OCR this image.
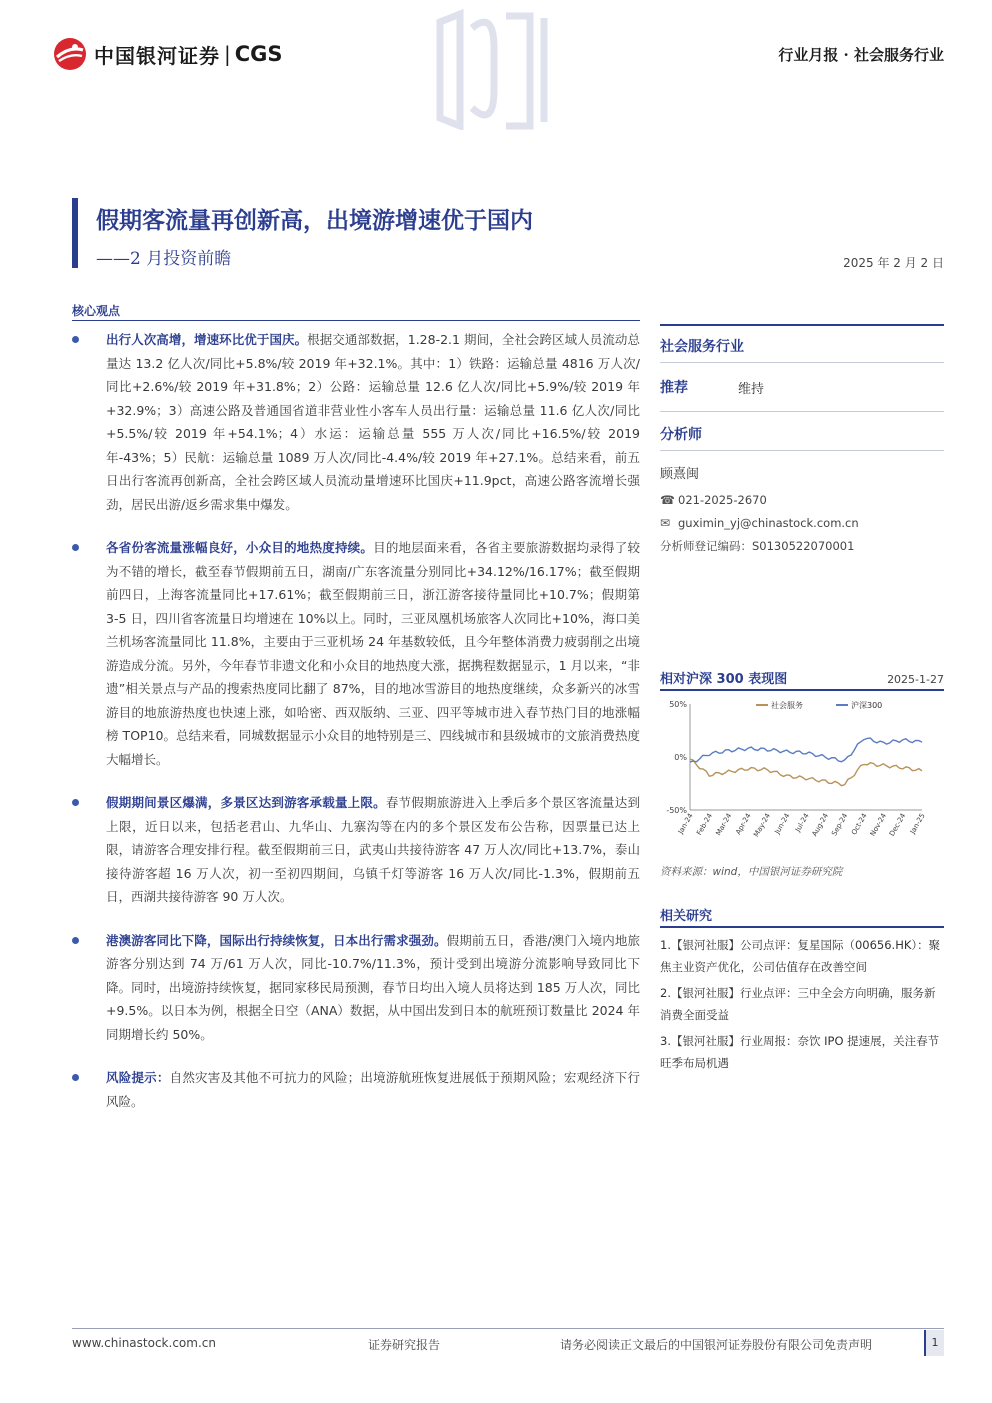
中国银河证券 | CGS	行业月报 · 社会服务行业
假期客流量再创新高，出境游增速优于国内
——2 月投资前瞻	2025 年 2 月 2 日
核心观点
出行人次高增，增速环比优于国庆。根据交通部数据，1.28-2.1 期间，全社会跨区域人员流动总量达 13.2 亿人次/同比+5.8%/较 2019 年+32.1%。其中：1）铁路：运输总量 4816 万人次/同比+2.6%/较 2019 年+31.8%；2）公路：运输总量 12.6 亿人次/同比+5.9%/较 2019 年+32.9%；3）高速公路及普通国省道非营业性小客车人员出行量：运输总量 11.6 亿人次/同比+5.5%/较 2019 年+54.1%；4）水运：运输总量 555 万人次/同比+16.5%/较 2019 年-43%；5）民航：运输总量 1089 万人次/同比-4.4%/较 2019 年+27.1%。总结来看，前五日出行客流再创新高，全社会跨区域人员流动量增速环比国庆+11.9pct，高速公路客流增长强劲，居民出游/返乡需求集中爆发。
各省份客流量涨幅良好，小众目的地热度持续。目的地层面来看，各省主要旅游数据均录得了较为不错的增长，截至春节假期前五日，湖南/广东客流量分别同比+34.12%/16.17%；截至假期前四日，上海客流量同比+17.61%；截至假期前三日，浙江游客接待量同比+10.7%；假期第 3-5 日，四川省客流量日均增速在 10%以上。同时，三亚凤凰机场旅客人次同比+10%，海口美兰机场客流量同比 11.8%，主要由于三亚机场 24 年基数较低，且今年整体消费力疲弱削之出境游造成分流。另外，今年春节非遗文化和小众目的地热度大涨，据携程数据显示，1 月以来，“非遗”相关景点与产品的搜索热度同比翻了 87%，目的地冰雪游目的地热度继续，众多新兴的冰雪游目的地旅游热度也快速上涨，如哈密、西双版纳、三亚、四平等城市进入春节热门目的地涨幅榜 TOP10。总结来看，同城数据显示小众目的地特别是三、四线城市和县级城市的文旅消费热度大幅增长。
假期期间景区爆满，多景区达到游客承载量上限。春节假期旅游进入上季后多个景区客流量达到上限，近日以来，包括老君山、九华山、九寨沟等在内的多个景区发布公告称，因票量已达上限，请游客合理安排行程。截至假期前三日，武夷山共接待游客 47 万人次/同比+13.7%，泰山接待游客超 16 万人次，初一至初四期间，乌镇千灯等游客 16 万人次/同比-1.3%，假期前五日，西湖共接待游客 90 万人次。
港澳游客同比下降，国际出行持续恢复，日本出行需求强劲。假期前五日，香港/澳门入境内地旅游客分别达到 74 万/61 万人次，同比-10.7%/11.3%，预计受到出境游分流影响导致同比下降。同时，出境游持续恢复，据同家移民局预测，春节日均出入境人员将达到 185 万人次，同比+9.5%。以日本为例，根据全日空（ANA）数据，从中国出发到日本的航班预订数量比 2024 年同期增长约 50%。
风险提示：自然灾害及其他不可抗力的风险；出境游航班恢复进展低于预期风险；宏观经济下行风险。
社会服务行业
推荐	维持
分析师
顾熹闽
☎ 021-2025-2670
✉ guximin_yj@chinastock.com.cn
分析师登记编码：S0130522070001
相对沪深 300 表现图	2025-1-27
50%
0%
-50%
Jan-24 Feb-24 Mar-24 Apr-24 May-24 Jun-24 Jul-24 Aug-24 Sep-24 Oct-24 Nov-24 Dec-24 Jan-25
社会服务	沪深300
资料来源：wind，中国银河证券研究院
相关研究
1.【银河社服】公司点评：复星国际（00656.HK）：聚焦主业资产优化，公司估值存在改善空间
2.【银河社服】行业点评：三中全会方向明确，服务新消费全面受益
3.【银河社服】行业周报：奈饮 IPO 提速展，关注春节旺季布局机遇
www.chinastock.com.cn	证券研究报告	请务必阅读正文最后的中国银河证券股份有限公司免责声明	1
